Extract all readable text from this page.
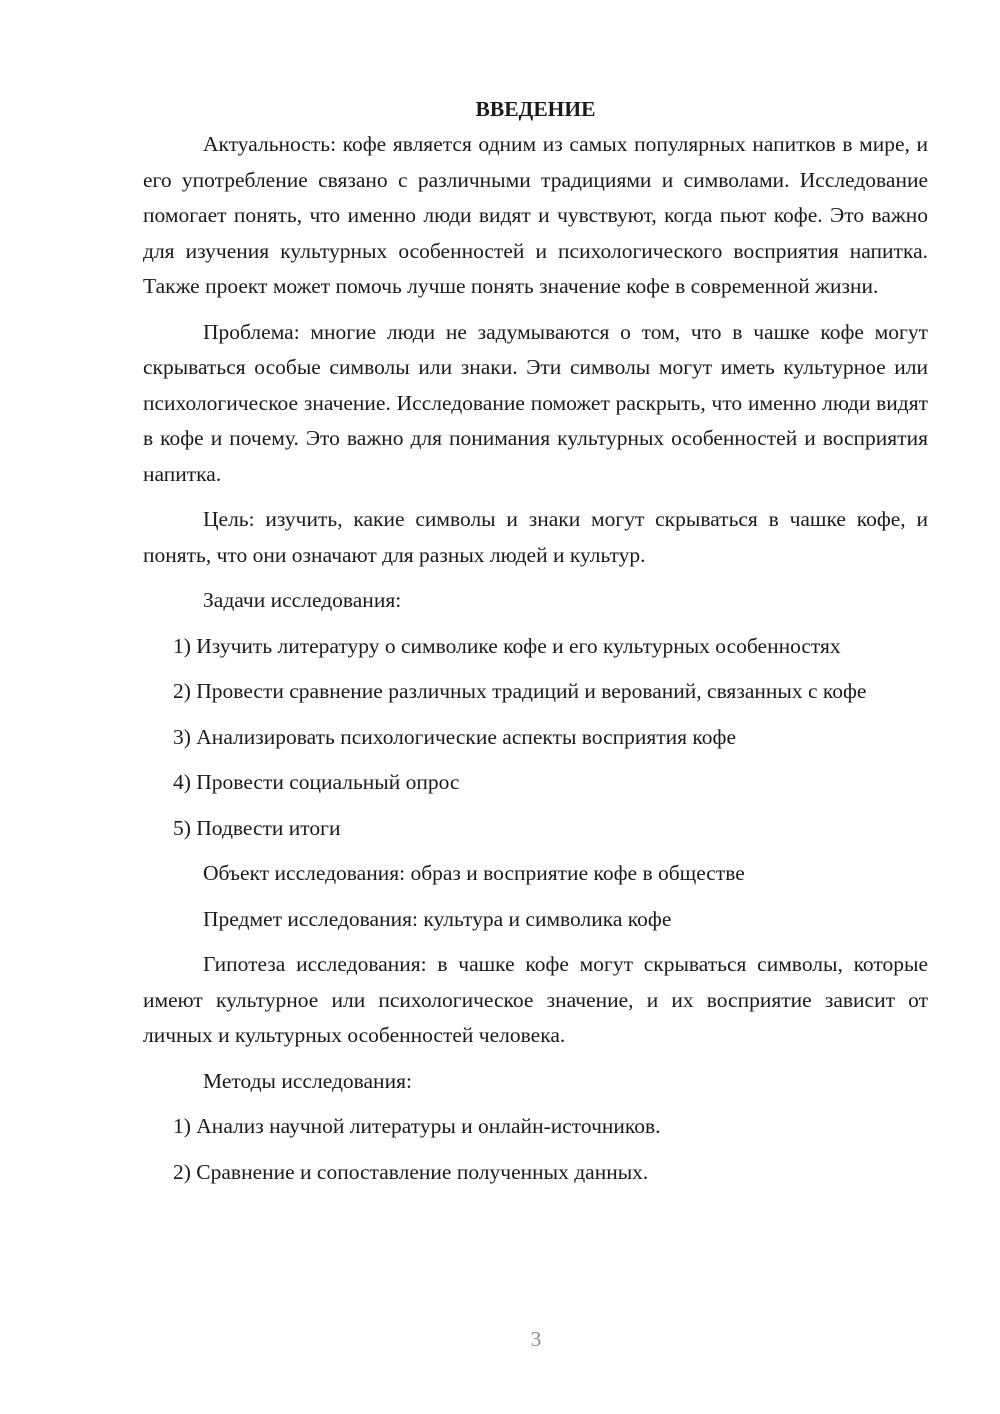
ВВЕДЕНИЕ

Актуальность: кофе является одним из самых популярных напитков в мире, и его употребление связано с различными традициями и символами. Исследование помогает понять, что именно люди видят и чувствуют, когда пьют кофе. Это важно для изучения культурных особенностей и психологического восприятия напитка. Также проект может помочь лучше понять значение кофе в современной жизни.

Проблема: многие люди не задумываются о том, что в чашке кофе могут скрываться особые символы или знаки. Эти символы могут иметь культурное или психологическое значение. Исследование поможет раскрыть, что именно люди видят в кофе и почему. Это важно для понимания культурных особенностей и восприятия напитка.

Цель: изучить, какие символы и знаки могут скрываться в чашке кофе, и понять, что они означают для разных людей и культур.

Задачи исследования:

1) Изучить литературу о символике кофе и его культурных особенностях

2) Провести сравнение различных традиций и верований, связанных с кофе

3) Анализировать психологические аспекты восприятия кофе

4) Провести социальный опрос

5) Подвести итоги

Объект исследования: образ и восприятие кофе в обществе

Предмет исследования: культура и символика кофе

Гипотеза исследования: в чашке кофе могут скрываться символы, которые имеют культурное или психологическое значение, и их восприятие зависит от личных и культурных особенностей человека.

Методы исследования:

1) Анализ научной литературы и онлайн-источников.

2) Сравнение и сопоставление полученных данных.

3
